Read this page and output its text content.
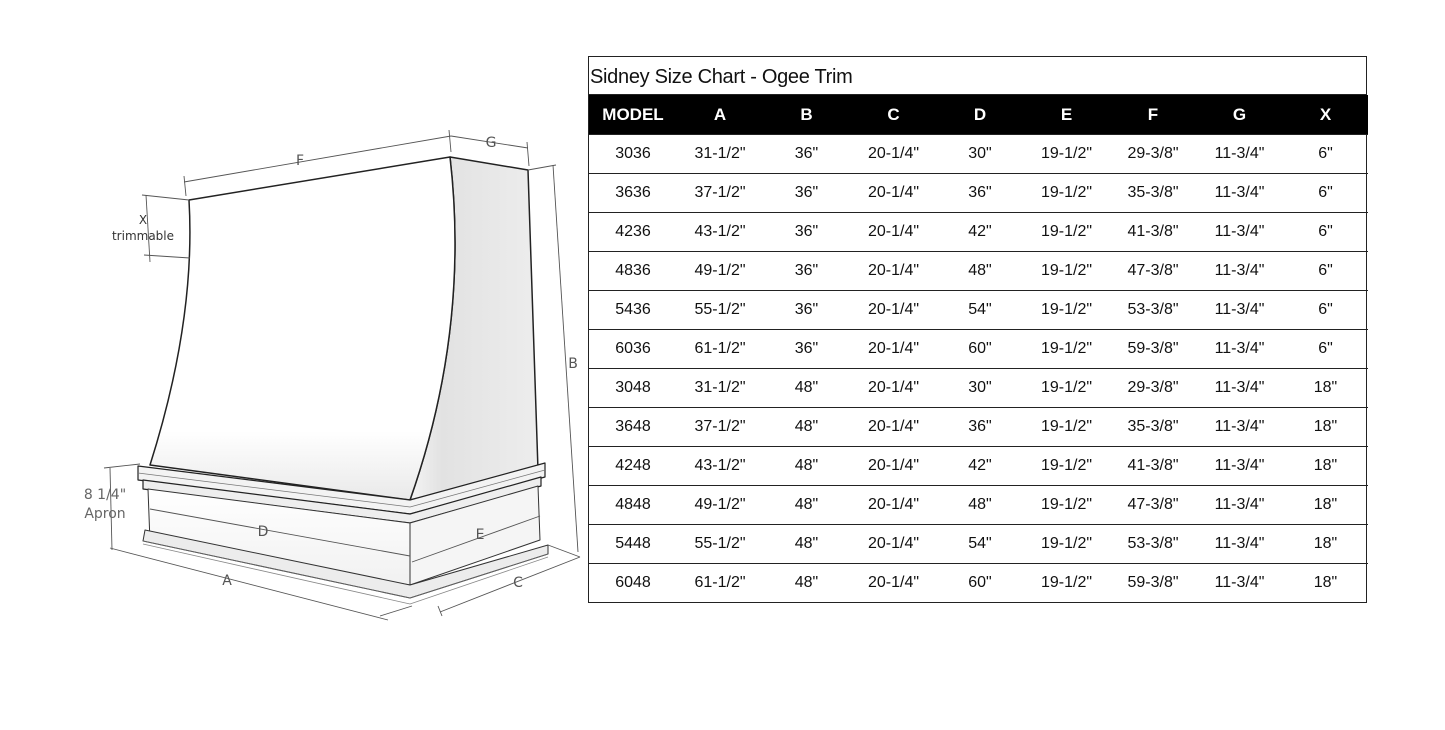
F
G
B
D	E
A	C
X
trimmable
8 1/4"
Apron
Sidney Size Chart - Ogee Trim
MODEL	A	B	C	D	E	F	G	X
3036	31-1/2"	36"	20-1/4"	30"	19-1/2"	29-3/8"	11-3/4"	6"
3636	37-1/2"	36"	20-1/4"	36"	19-1/2"	35-3/8"	11-3/4"	6"
4236	43-1/2"	36"	20-1/4"	42"	19-1/2"	41-3/8"	11-3/4"	6"
4836	49-1/2"	36"	20-1/4"	48"	19-1/2"	47-3/8"	11-3/4"	6"
5436	55-1/2"	36"	20-1/4"	54"	19-1/2"	53-3/8"	11-3/4"	6"
6036	61-1/2"	36"	20-1/4"	60"	19-1/2"	59-3/8"	11-3/4"	6"
3048	31-1/2"	48"	20-1/4"	30"	19-1/2"	29-3/8"	11-3/4"	18"
3648	37-1/2"	48"	20-1/4"	36"	19-1/2"	35-3/8"	11-3/4"	18"
4248	43-1/2"	48"	20-1/4"	42"	19-1/2"	41-3/8"	11-3/4"	18"
4848	49-1/2"	48"	20-1/4"	48"	19-1/2"	47-3/8"	11-3/4"	18"
5448	55-1/2"	48"	20-1/4"	54"	19-1/2"	53-3/8"	11-3/4"	18"
6048	61-1/2"	48"	20-1/4"	60"	19-1/2"	59-3/8"	11-3/4"	18"
